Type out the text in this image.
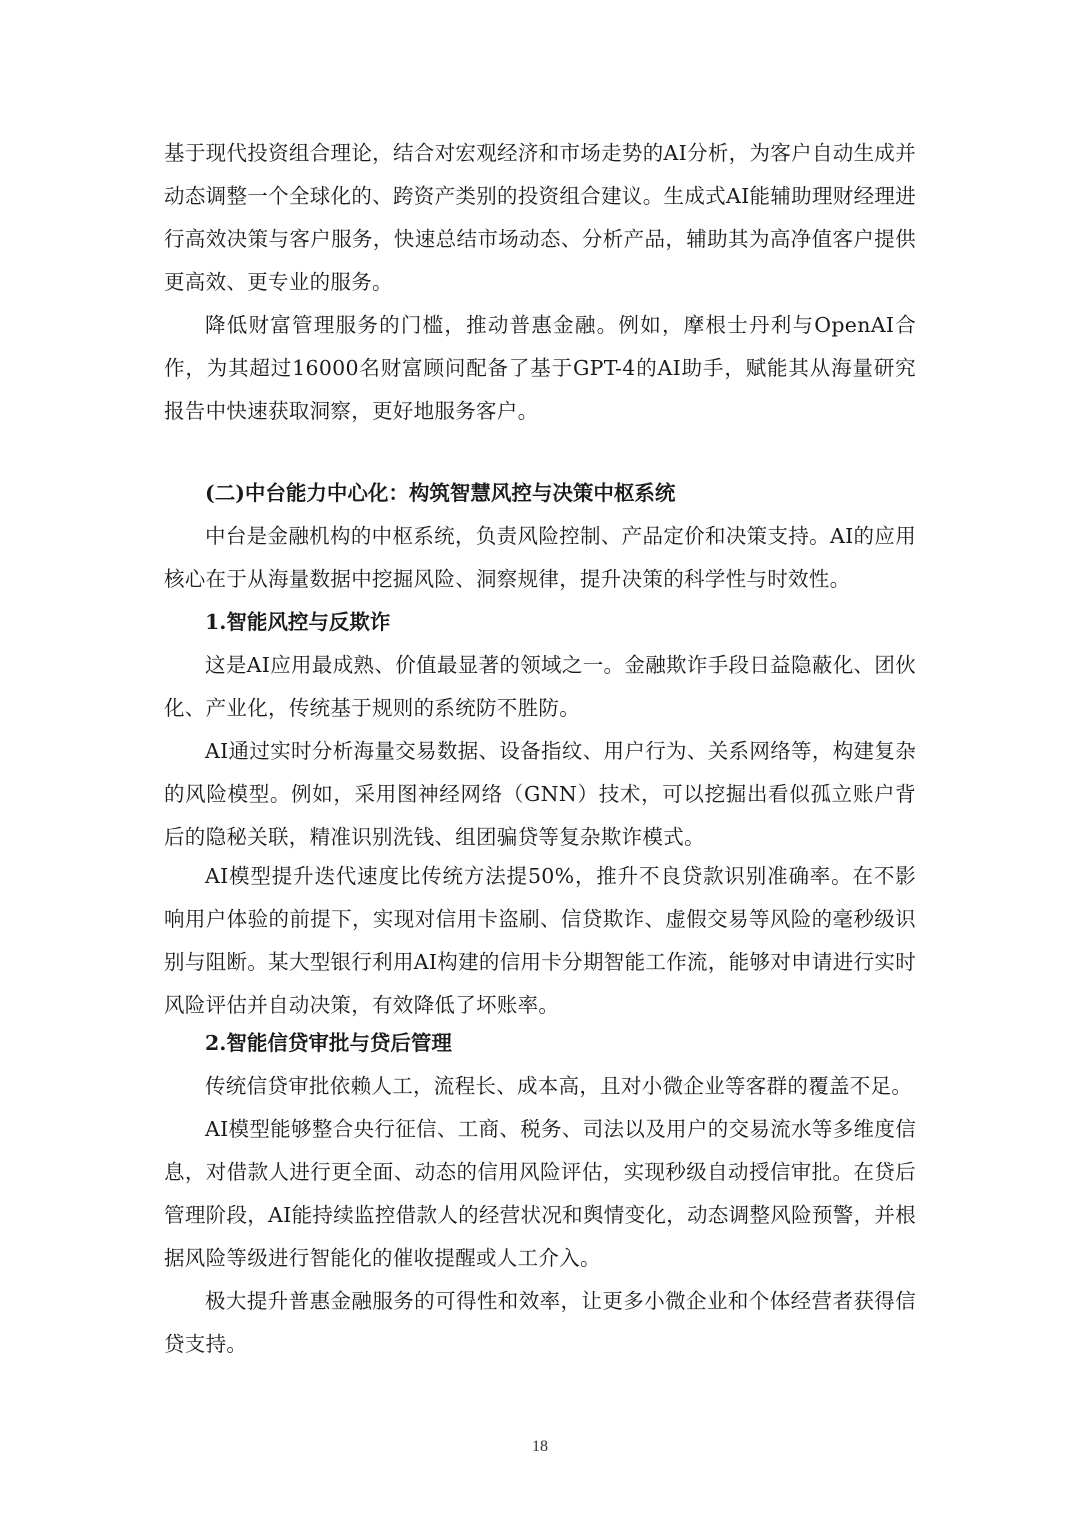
基于现代投资组合理论，结合对宏观经济和市场走势的AI分析，为客户自动生成并动态调整一个全球化的、跨资产类别的投资组合建议。生成式AI能辅助理财经理进行高效决策与客户服务，快速总结市场动态、分析产品，辅助其为高净值客户提供更高效、更专业的服务。

降低财富管理服务的门槛，推动普惠金融。例如，摩根士丹利与OpenAI合作，为其超过16000名财富顾问配备了基于GPT-4的AI助手，赋能其从海量研究报告中快速获取洞察，更好地服务客户。

(二)中台能力中心化：构筑智慧风控与决策中枢系统

中台是金融机构的中枢系统，负责风险控制、产品定价和决策支持。AI的应用核心在于从海量数据中挖掘风险、洞察规律，提升决策的科学性与时效性。

1.智能风控与反欺诈

这是AI应用最成熟、价值最显著的领域之一。金融欺诈手段日益隐蔽化、团伙化、产业化，传统基于规则的系统防不胜防。

AI通过实时分析海量交易数据、设备指纹、用户行为、关系网络等，构建复杂的风险模型。例如，采用图神经网络（GNN）技术，可以挖掘出看似孤立账户背后的隐秘关联，精准识别洗钱、组团骗贷等复杂欺诈模式。

AI模型提升迭代速度比传统方法提50%，推升不良贷款识别准确率。在不影响用户体验的前提下，实现对信用卡盗刷、信贷欺诈、虚假交易等风险的毫秒级识别与阻断。某大型银行利用AI构建的信用卡分期智能工作流，能够对申请进行实时风险评估并自动决策，有效降低了坏账率。

2.智能信贷审批与贷后管理

传统信贷审批依赖人工，流程长、成本高，且对小微企业等客群的覆盖不足。

AI模型能够整合央行征信、工商、税务、司法以及用户的交易流水等多维度信息，对借款人进行更全面、动态的信用风险评估，实现秒级自动授信审批。在贷后管理阶段，AI能持续监控借款人的经营状况和舆情变化，动态调整风险预警，并根据风险等级进行智能化的催收提醒或人工介入。

极大提升普惠金融服务的可得性和效率，让更多小微企业和个体经营者获得信贷支持。

18
